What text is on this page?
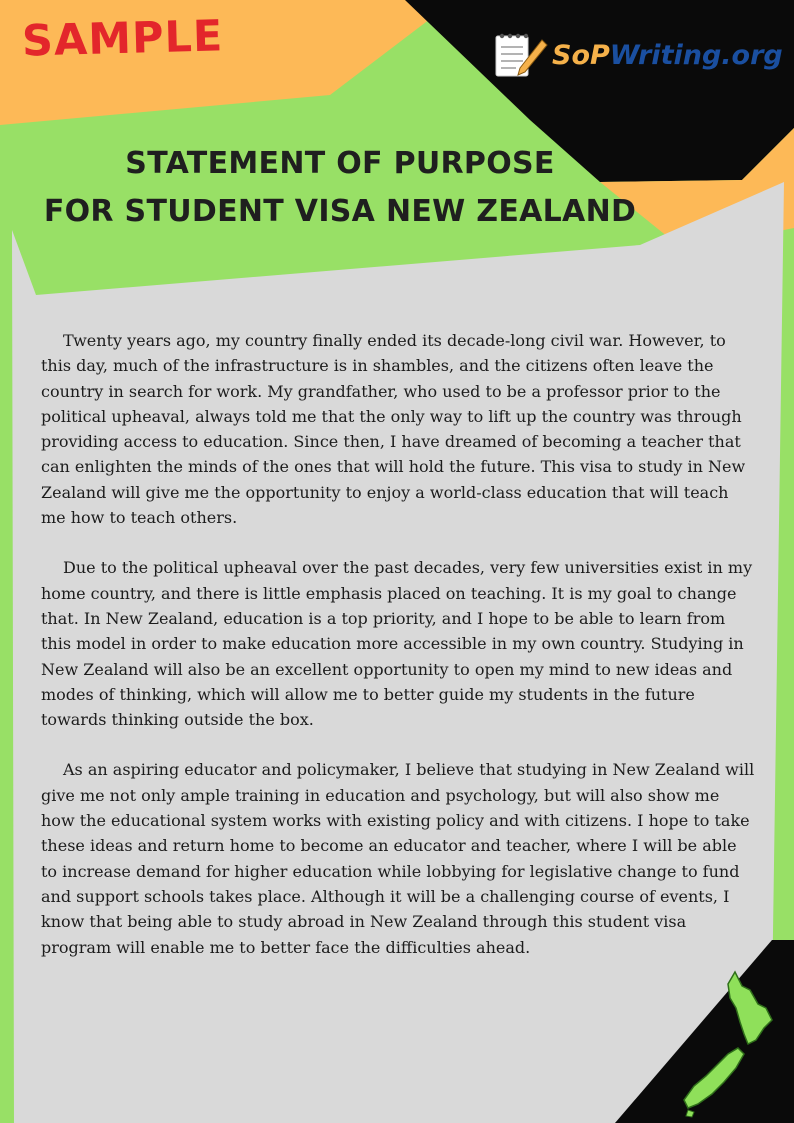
SAMPLE	SoPWriting.org
STATEMENT OF PURPOSE
FOR STUDENT VISA NEW ZEALAND

Twenty years ago, my country finally ended its decade-long civil war. However, to this day, much of the infrastructure is in shambles, and the citizens often leave the country in search for work. My grandfather, who used to be a professor prior to the political upheaval, always told me that the only way to lift up the country was through providing access to education. Since then, I have dreamed of becoming a teacher that can enlighten the minds of the ones that will hold the future. This visa to study in New Zealand will give me the opportunity to enjoy a world-class education that will teach me how to teach others.

Due to the political upheaval over the past decades, very few universities exist in my home country, and there is little emphasis placed on teaching. It is my goal to change that. In New Zealand, education is a top priority, and I hope to be able to learn from this model in order to make education more accessible in my own country. Studying in New Zealand will also be an excellent opportunity to open my mind to new ideas and modes of thinking, which will allow me to better guide my students in the future towards thinking outside the box.

As an aspiring educator and policymaker, I believe that studying in New Zealand will give me not only ample training in education and psychology, but will also show me how the educational system works with existing policy and with citizens. I hope to take these ideas and return home to become an educator and teacher, where I will be able to increase demand for higher education while lobbying for legislative change to fund and support schools takes place. Although it will be a challenging course of events, I know that being able to study abroad in New Zealand through this student visa program will enable me to better face the difficulties ahead.
